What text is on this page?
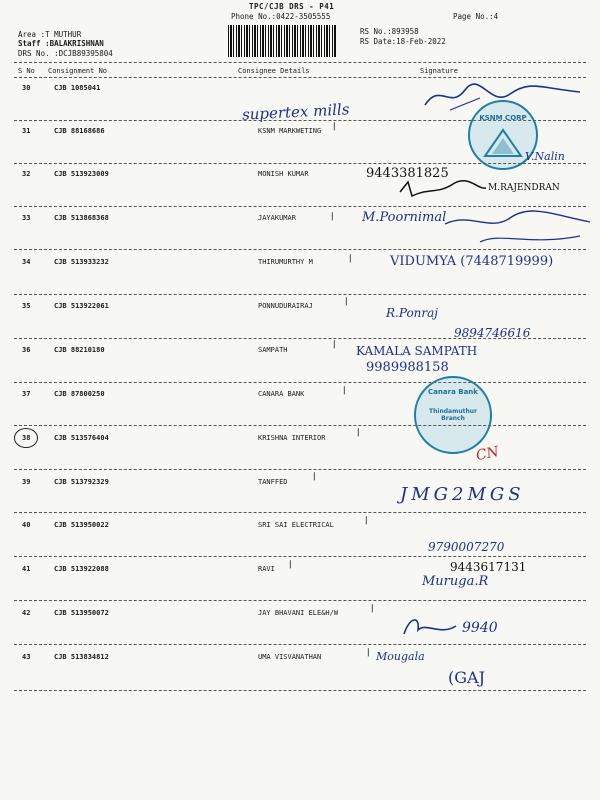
TPC/CJB DRS - P41
Phone No.:0422-3505555	Page No.:4
RS No.:893958
RS Date:18-Feb-2022
Area :T MUTHUR
Staff :BALAKRISHNAN
DRS No. :DCJB89395804
S No Consignment No	Consignee Details	Signature
30	CJB 1085041
supertex mills
31	CJB 88168686	KSNM MARKWETING
KSNM CORP
V.Nalin
32	CJB 513923009	MONISH KUMAR	9443381825
M.RAJENDRAN
33	CJB 513868368	JAYAKUMAR	M.Poornimal
34	CJB 513933232	THIRUMURTHY M	VIDUMYA (7448719999)
35	CJB 513922061	PONNUDURAIRAJ	R.Ponraj
9894746616
36	CJB 88210180	SAMPATH	KAMALA SAMPATH
9989988158
37	CJB 87800250	CANARA BANK	Canara Bank
Thindamuthur Branch
38	CJB 513576404	KRISHNA INTERIOR
CN
39	CJB 513792329	TANFFED
JMG2MGS
40	CJB 513950022	SRI SAI ELECTRICAL
9790007270
41	CJB 513922088	RAVI	9443617131
Muruga.R
42	CJB 513950072	JAY BHAVANI ELE&H/W
9940
43	CJB 513834812	UMA VISVANATHAN	Mougala
(GAJ
/
/
/
/
/
/
/
/
/
/
/
/
